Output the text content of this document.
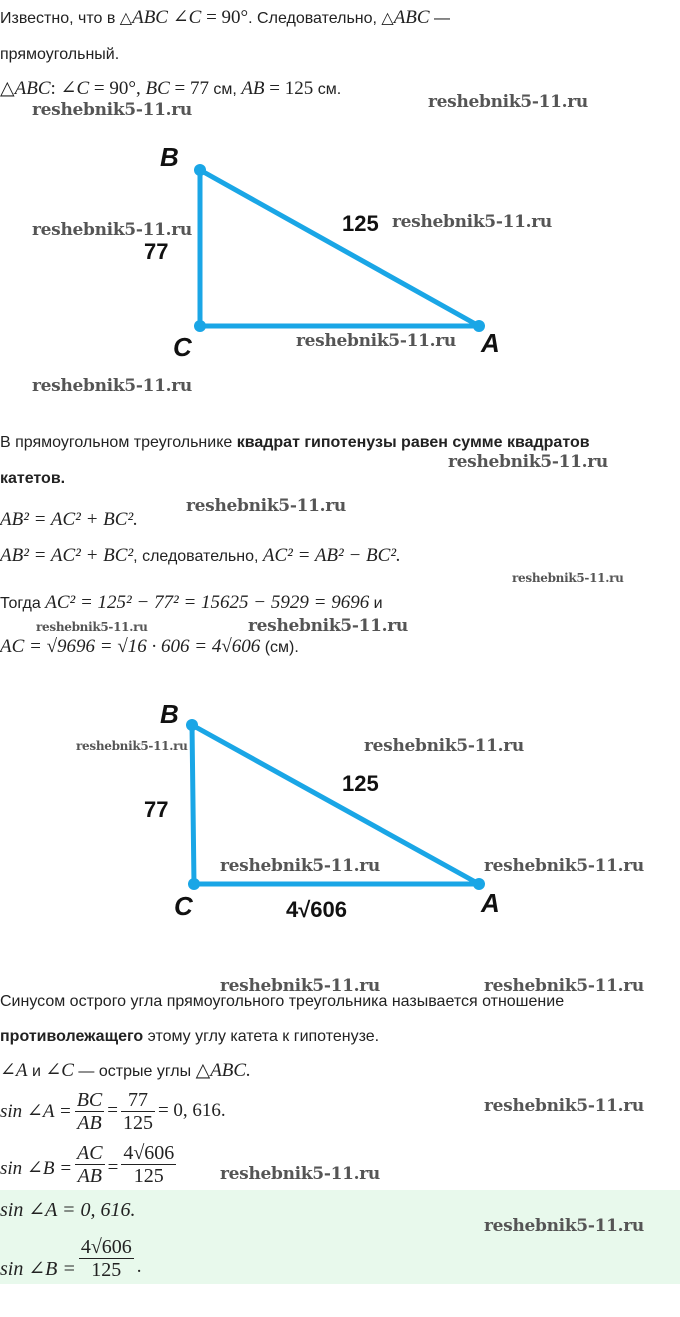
Известно, что в △ABC ∠C = 90°. Следовательно, △ABC —
прямоугольный.
△ABC: ∠C = 90°, BC = 77 см, AB = 125 см.
B
C	A
77
125
В прямоугольном треугольнике квадрат гипотенузы равен сумме квадратов
катетов.
AB² = AC² + BC².
AB² = AC² + BC², следовательно, AC² = AB² − BC².
Тогда AC² = 125² − 77² = 15625 − 5929 = 9696 и
AC = √9696 = √16 · 606 = 4√606 (см).
B
C	A
77
125
4√606
Синусом острого угла прямоугольного треугольника называется отношение
противолежащего этому углу катета к гипотенузе.
∠A и ∠C — острые углы △ABC.
sin ∠A = $\frac{BC}{AB} = \frac{77}{125} = 0$, 616.
sin ∠B = $\frac{AC}{AB} = \frac{4√606}{125}$
sin ∠A = 0, 616.
sin ∠B = $\frac{4√606}{125}$ .
reshebnik5-11.ru	reshebnik5-11.ru
reshebnik5-11.ru	reshebnik5-11.ru
reshebnik5-11.ru
reshebnik5-11.ru
reshebnik5-11.ru
reshebnik5-11.ru
reshebnik5-11.ru
reshebnik5-11.ru	reshebnik5-11.ru
reshebnik5-11.ru	reshebnik5-11.ru
reshebnik5-11.ru	reshebnik5-11.ru
reshebnik5-11.ru	reshebnik5-11.ru
reshebnik5-11.ru
reshebnik5-11.ru
reshebnik5-11.ru
